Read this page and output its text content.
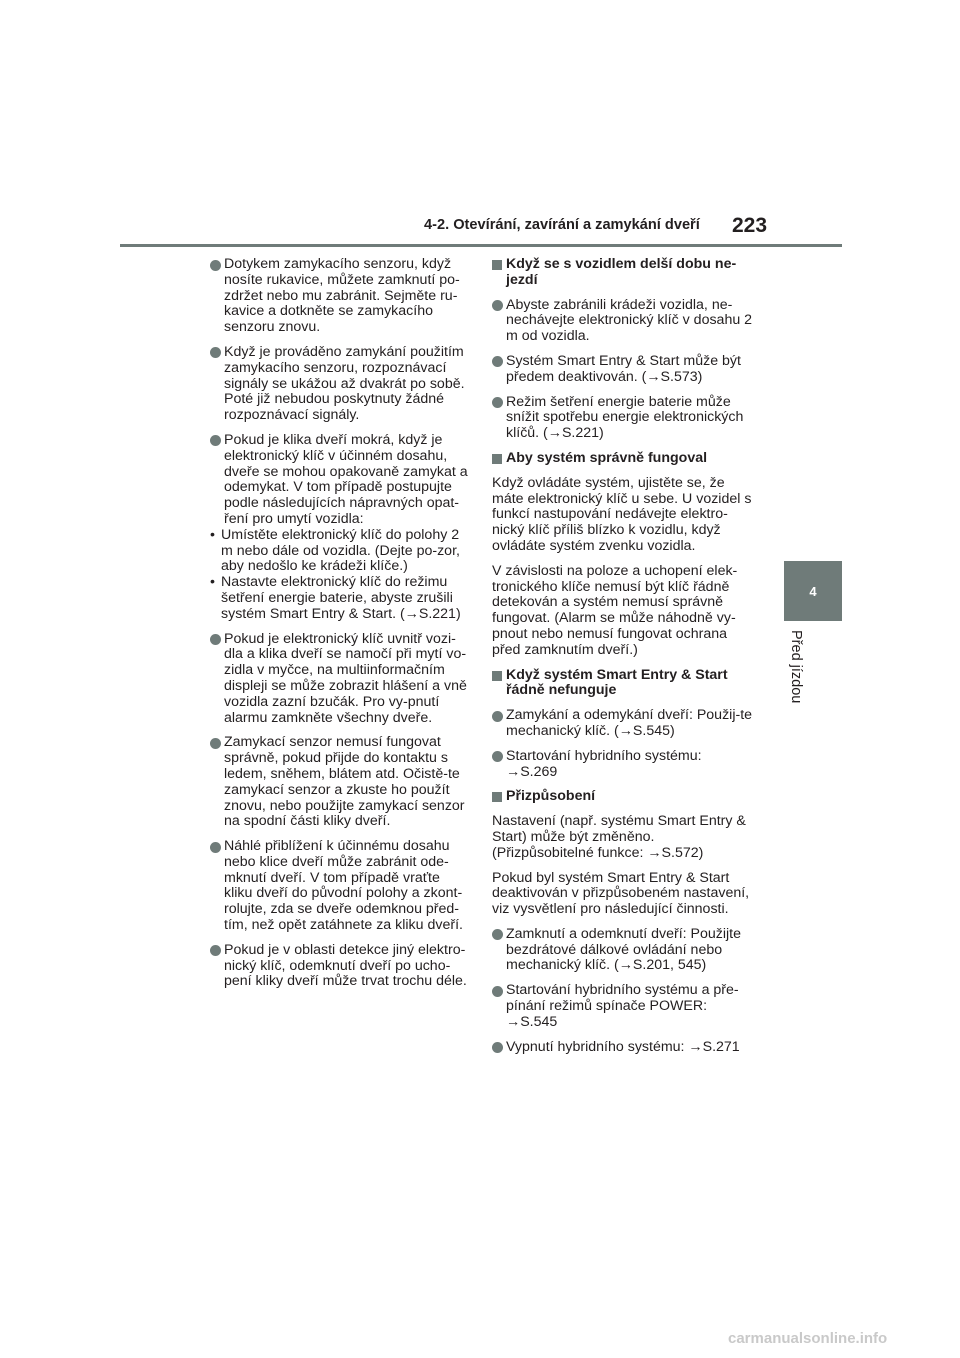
4-2. Otevírání, zavírání a zamykání dveří	223
4
Před jízdou
Dotykem zamykacího senzoru, když nosíte rukavice, můžete zamknutí po-zdržet nebo mu zabránit. Sejměte ru-kavice a dotkněte se zamykacího senzoru znovu.
Když je prováděno zamykání použitím zamykacího senzoru, rozpoznávací signály se ukážou až dvakrát po sobě. Poté již nebudou poskytnuty žádné rozpoznávací signály.
Pokud je klika dveří mokrá, když je elektronický klíč v účinném dosahu, dveře se mohou opakovaně zamykat a odemykat. V tom případě postupujte podle následujících nápravných opat-ření pro umytí vozidla:
• Umístěte elektronický klíč do polohy 2 m nebo dále od vozidla. (Dejte po-zor, aby nedošlo ke krádeži klíče.)
• Nastavte elektronický klíč do režimu šetření energie baterie, abyste zrušili systém Smart Entry & Start. (→S.221)
Pokud je elektronický klíč uvnitř vozi-dla a klika dveří se namočí při mytí vo-zidla v myčce, na multiinformačním displeji se může zobrazit hlášení a vně vozidla zazní bzučák. Pro vy-pnutí alarmu zamkněte všechny dveře.
Zamykací senzor nemusí fungovat správně, pokud přijde do kontaktu s ledem, sněhem, blátem atd. Očistě-te zamykací senzor a zkuste ho použít znovu, nebo použijte zamykací senzor na spodní části kliky dveří.
Náhlé přiblížení k účinnému dosahu nebo klice dveří může zabránit ode-mknutí dveří. V tom případě vraťte kliku dveří do původní polohy a zkont-rolujte, zda se dveře odemknou před-tím, než opět zatáhnete za kliku dveří.
Pokud je v oblasti detekce jiný elektro-nický klíč, odemknutí dveří po ucho-pení kliky dveří může trvat trochu déle.
Když se s vozidlem delší dobu ne-jezdí
Abyste zabránili krádeži vozidla, ne-nechávejte elektronický klíč v dosahu 2 m od vozidla.
Systém Smart Entry & Start může být předem deaktivován. (→S.573)
Režim šetření energie baterie může snížit spotřebu energie elektronických klíčů. (→S.221)
Aby systém správně fungoval
Když ovládáte systém, ujistěte se, že máte elektronický klíč u sebe. U vozidel s funkcí nastupování nedávejte elektro-nický klíč příliš blízko k vozidlu, když ovládáte systém zvenku vozidla.
V závislosti na poloze a uchopení elek-tronického klíče nemusí být klíč řádně detekován a systém nemusí správně fungovat. (Alarm se může náhodně vy-pnout nebo nemusí fungovat ochrana před zamknutím dveří.)
Když systém Smart Entry & Start řádně nefunguje
Zamykání a odemykání dveří: Použij-te mechanický klíč. (→S.545)
Startování hybridního systému: →S.269
Přizpůsobení
Nastavení (např. systému Smart Entry & Start) může být změněno. (Přizpůsobitelné funkce: →S.572)
Pokud byl systém Smart Entry & Start deaktivován v přizpůsobeném nastavení, viz vysvětlení pro následující činnosti.
Zamknutí a odemknutí dveří: Použijte bezdrátové dálkové ovládání nebo mechanický klíč. (→S.201, 545)
Startování hybridního systému a pře-pínání režimů spínače POWER: →S.545
Vypnutí hybridního systému: →S.271
carmanualsonline.info
